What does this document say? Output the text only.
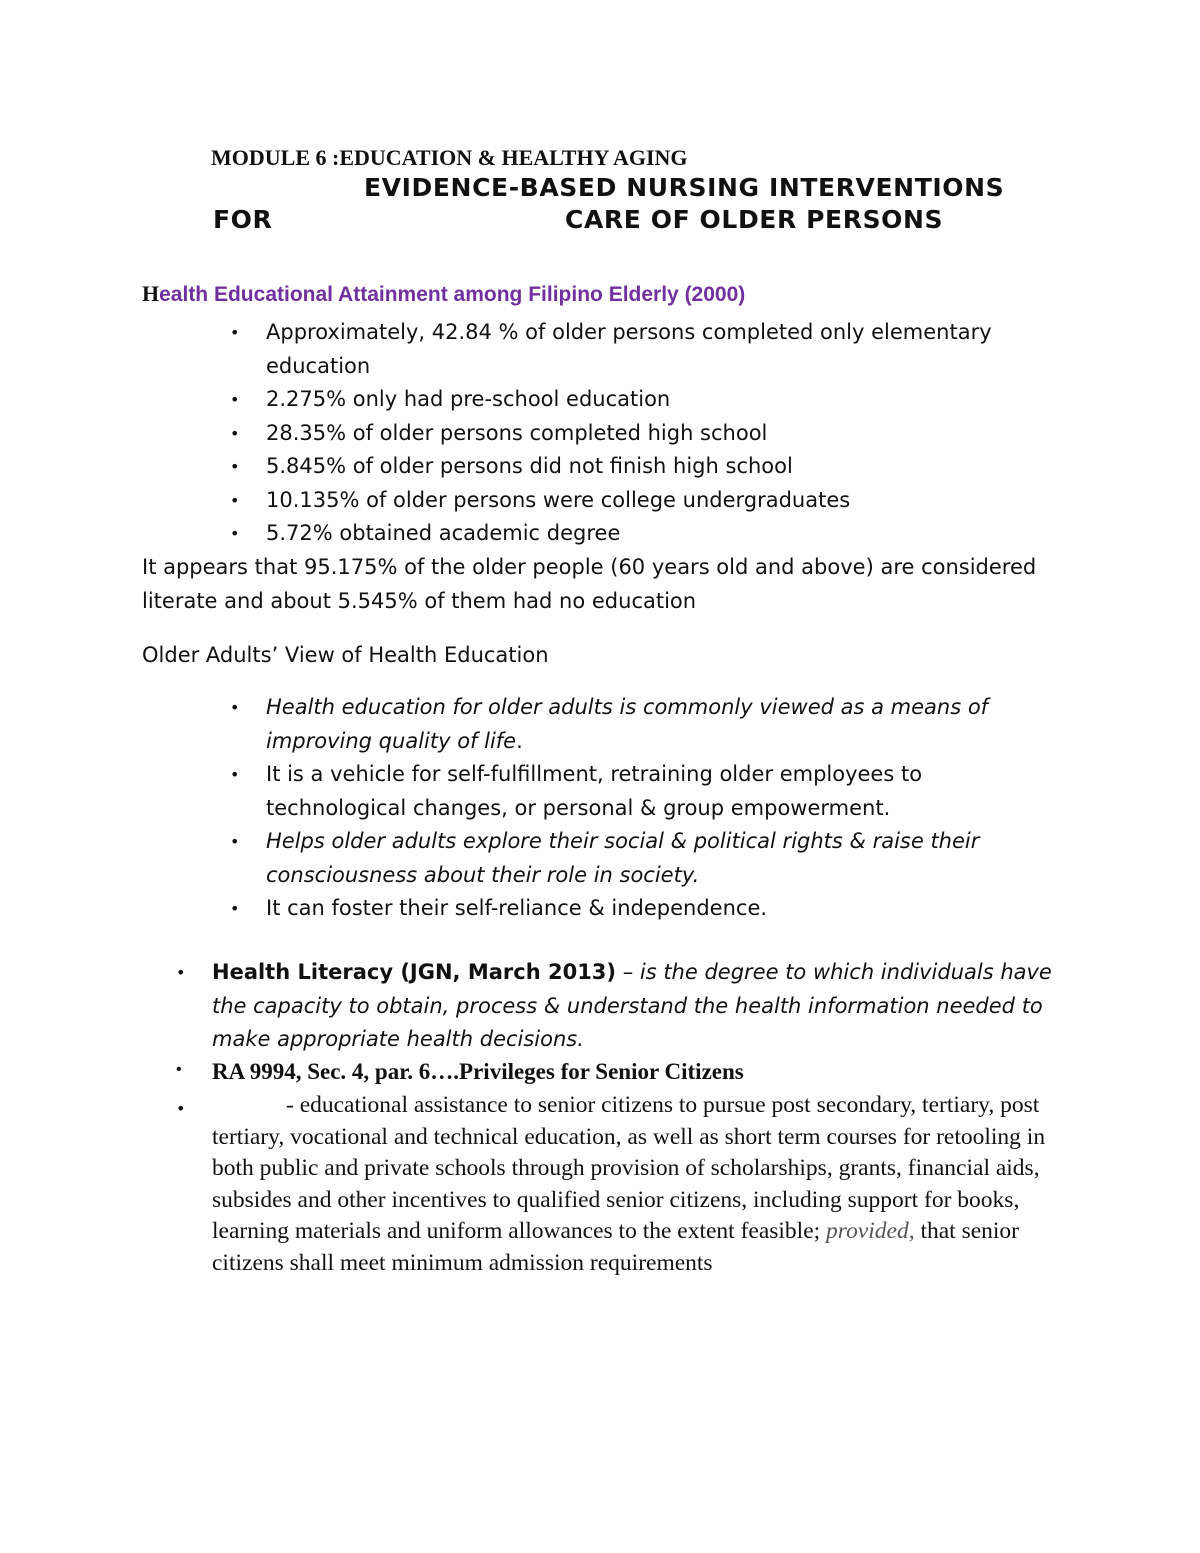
MODULE 6 :EDUCATION & HEALTHY AGING
EVIDENCE-BASED NURSING INTERVENTIONS
FOR	CARE OF OLDER PERSONS
Health Educational Attainment among Filipino Elderly (2000)
• Approximately, 42.84 % of older persons completed only elementary education
• 2.275% only had pre-school education
• 28.35% of older persons completed high school
• 5.845% of older persons did not finish high school
• 10.135% of older persons were college undergraduates
• 5.72% obtained academic degree
It appears that 95.175% of the older people (60 years old and above) are considered literate and about 5.545% of them had no education
Older Adults’ View of Health Education
• Health education for older adults is commonly viewed as a means of improving quality of life.
• It is a vehicle for self-fulfillment, retraining older employees to technological changes, or personal & group empowerment.
• Helps older adults explore their social & political rights & raise their consciousness about their role in society.
• It can foster their self-reliance & independence.
• Health Literacy (JGN, March 2013) – is the degree to which individuals have the capacity to obtain, process & understand the health information needed to make appropriate health decisions.
• RA 9994, Sec. 4, par. 6….Privileges for Senior Citizens
•	- educational assistance to senior citizens to pursue post secondary, tertiary, post tertiary, vocational and technical education, as well as short term courses for retooling in both public and private schools through provision of scholarships, grants, financial aids, subsides and other incentives to qualified senior citizens, including support for books, learning materials and uniform allowances to the extent feasible; provided, that senior citizens shall meet minimum admission requirements
